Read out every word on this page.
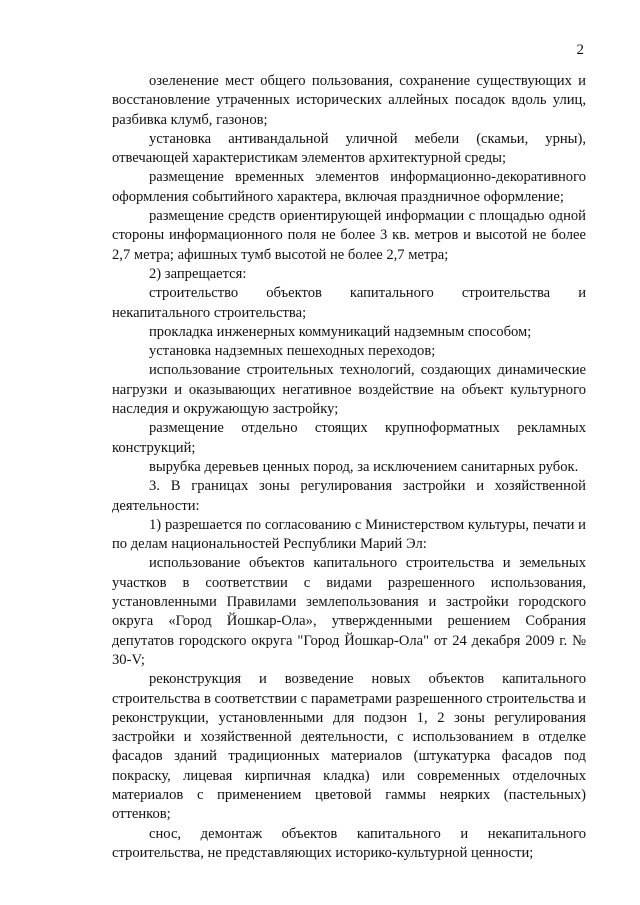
2

озеленение мест общего пользования, сохранение существующих и восстановление утраченных исторических аллейных посадок вдоль улиц, разбивка клумб, газонов;

установка антивандальной уличной мебели (скамьи, урны), отвечающей характеристикам элементов архитектурной среды;

размещение временных элементов информационно-декоративного оформления событийного характера, включая праздничное оформление;

размещение средств ориентирующей информации с площадью одной стороны информационного поля не более 3 кв. метров и высотой не более 2,7 метра; афишных тумб высотой не более 2,7 метра;

2) запрещается:

строительство объектов капитального строительства и некапитального строительства;

прокладка инженерных коммуникаций надземным способом;

установка надземных пешеходных переходов;

использование строительных технологий, создающих динамические нагрузки и оказывающих негативное воздействие на объект культурного наследия и окружающую застройку;

размещение отдельно стоящих крупноформатных рекламных конструкций;

вырубка деревьев ценных пород, за исключением санитарных рубок.

3. В границах зоны регулирования застройки и хозяйственной деятельности:

1) разрешается по согласованию с Министерством культуры, печати и по делам национальностей Республики Марий Эл:

использование объектов капитального строительства и земельных участков в соответствии с видами разрешенного использования, установленными Правилами землепользования и застройки городского округа «Город Йошкар-Ола», утвержденными решением Собрания депутатов городского округа "Город Йошкар-Ола" от 24 декабря 2009 г. № 30-V;

реконструкция и возведение новых объектов капитального строительства в соответствии с параметрами разрешенного строительства и реконструкции, установленными для подзон 1, 2 зоны регулирования застройки и хозяйственной деятельности, с использованием в отделке фасадов зданий традиционных материалов (штукатурка фасадов под покраску, лицевая кирпичная кладка) или современных отделочных материалов с применением цветовой гаммы неярких (пастельных) оттенков;

снос, демонтаж объектов капитального и некапитального строительства, не представляющих историко-культурной ценности;
